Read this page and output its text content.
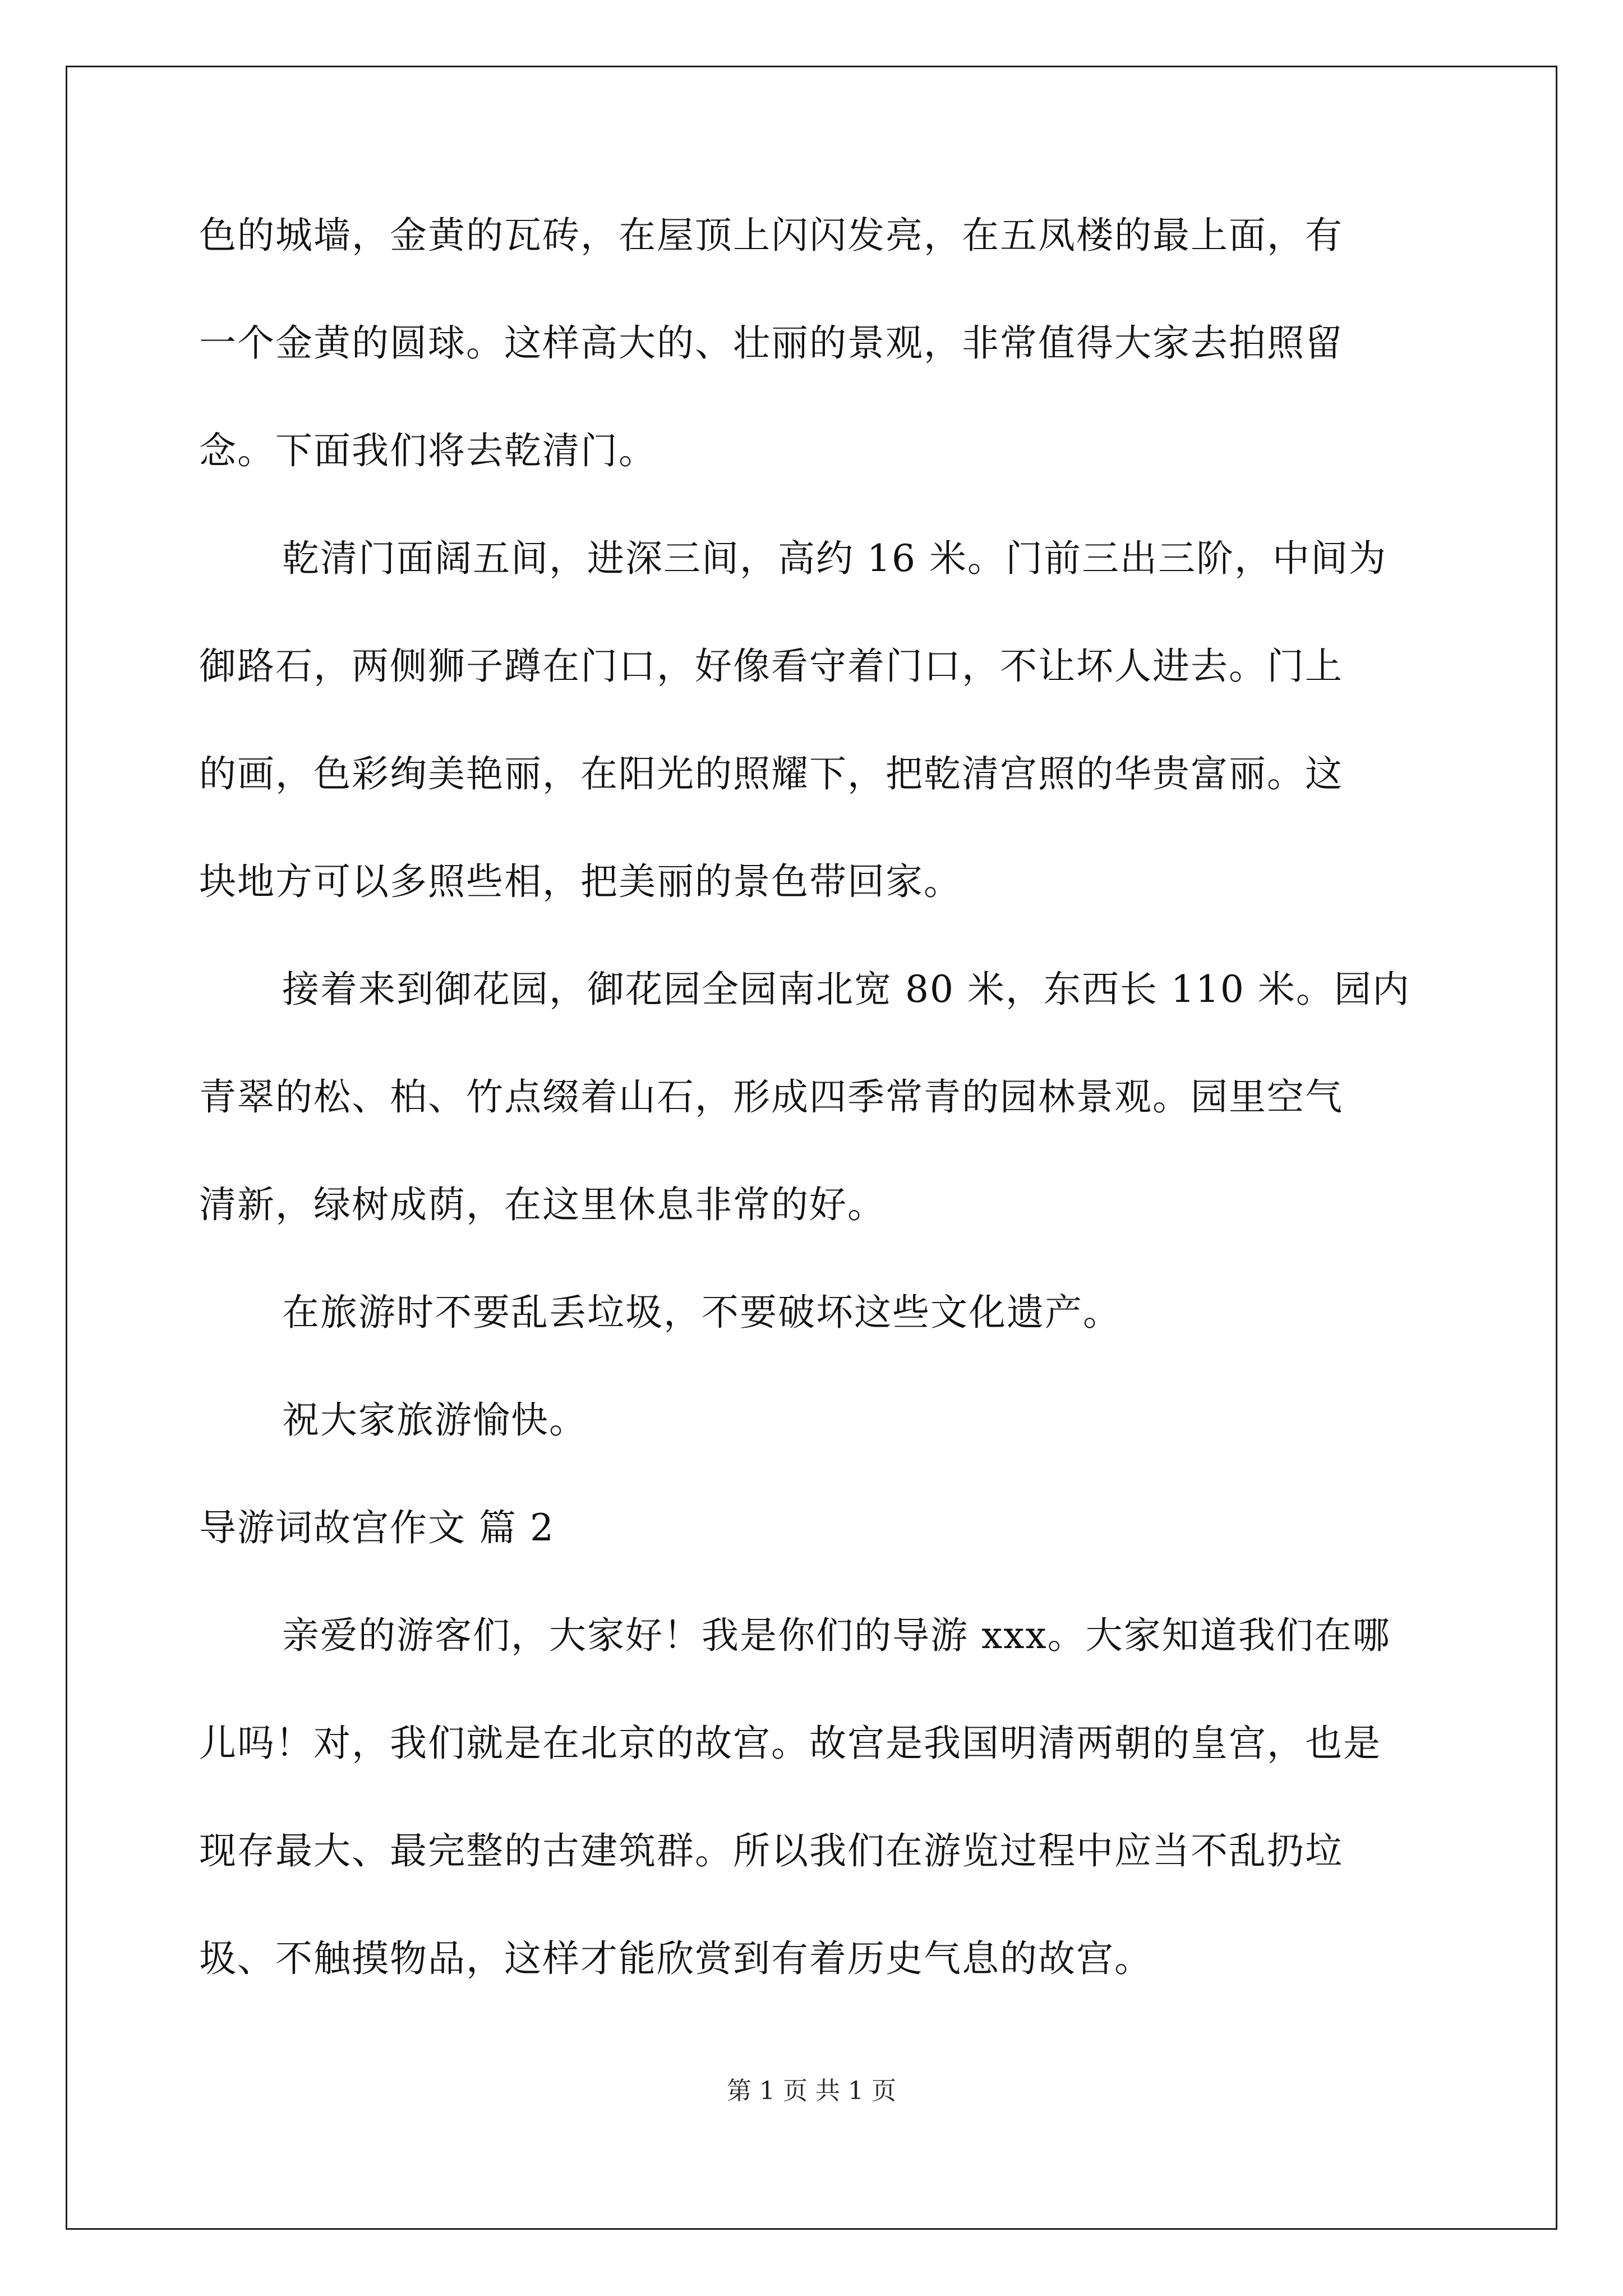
色的城墙，金黄的瓦砖，在屋顶上闪闪发亮，在五凤楼的最上面，有
一个金黄的圆球。这样高大的、壮丽的景观，非常值得大家去拍照留
念。下面我们将去乾清门。
乾清门面阔五间，进深三间，高约 16 米。门前三出三阶，中间为
御路石，两侧狮子蹲在门口，好像看守着门口，不让坏人进去。门上
的画，色彩绚美艳丽，在阳光的照耀下，把乾清宫照的华贵富丽。这
块地方可以多照些相，把美丽的景色带回家。
接着来到御花园，御花园全园南北宽 80 米，东西长 110 米。园内
青翠的松、柏、竹点缀着山石，形成四季常青的园林景观。园里空气
清新，绿树成荫，在这里休息非常的好。
在旅游时不要乱丢垃圾，不要破坏这些文化遗产。
祝大家旅游愉快。
导游词故宫作文 篇 2
亲爱的游客们，大家好！我是你们的导游 xxx。大家知道我们在哪
儿吗！对，我们就是在北京的故宫。故宫是我国明清两朝的皇宫，也是
现存最大、最完整的古建筑群。所以我们在游览过程中应当不乱扔垃
圾、不触摸物品，这样才能欣赏到有着历史气息的故宫。
第 1 页 共 1 页
